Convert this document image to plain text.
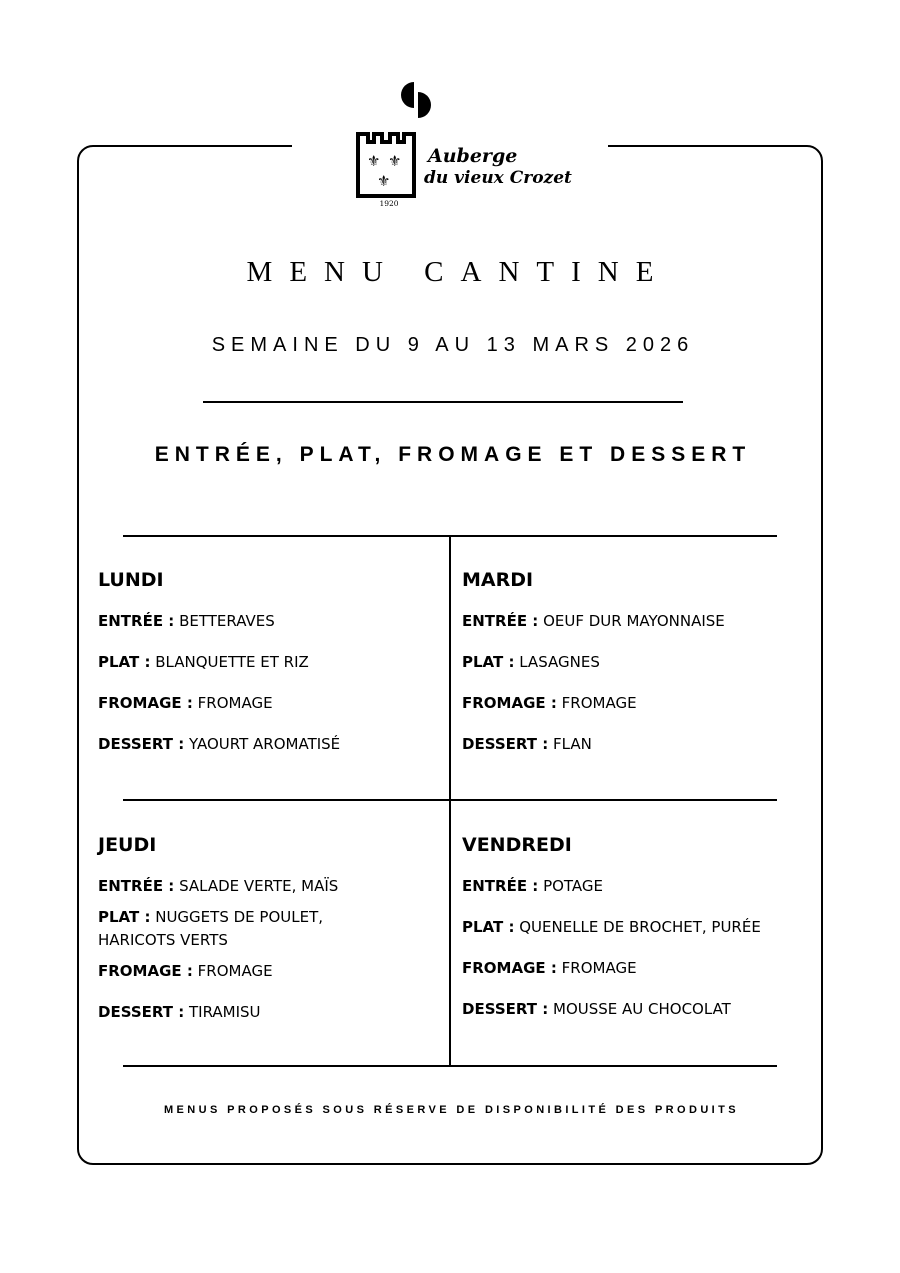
⚜ ⚜
⚜
Auberge

du vieux Crozet
1920
MENU CANTINE
SEMAINE DU 9 AU 13 MARS 2026
ENTRÉE, PLAT, FROMAGE ET DESSERT
LUNDI
ENTRÉE : BETTERAVES
PLAT : BLANQUETTE ET RIZ
FROMAGE : FROMAGE
DESSERT : YAOURT AROMATISÉ
MARDI
ENTRÉE : OEUF DUR MAYONNAISE
PLAT : LASAGNES
FROMAGE : FROMAGE
DESSERT : FLAN
JEUDI
ENTRÉE : SALADE VERTE, MAÏS
PLAT : NUGGETS DE POULET, HARICOTS VERTS
FROMAGE : FROMAGE
DESSERT : TIRAMISU
VENDREDI
ENTRÉE : POTAGE
PLAT : QUENELLE DE BROCHET, PURÉE
FROMAGE : FROMAGE
DESSERT : MOUSSE AU CHOCOLAT
MENUS PROPOSÉS SOUS RÉSERVE DE DISPONIBILITÉ DES PRODUITS
